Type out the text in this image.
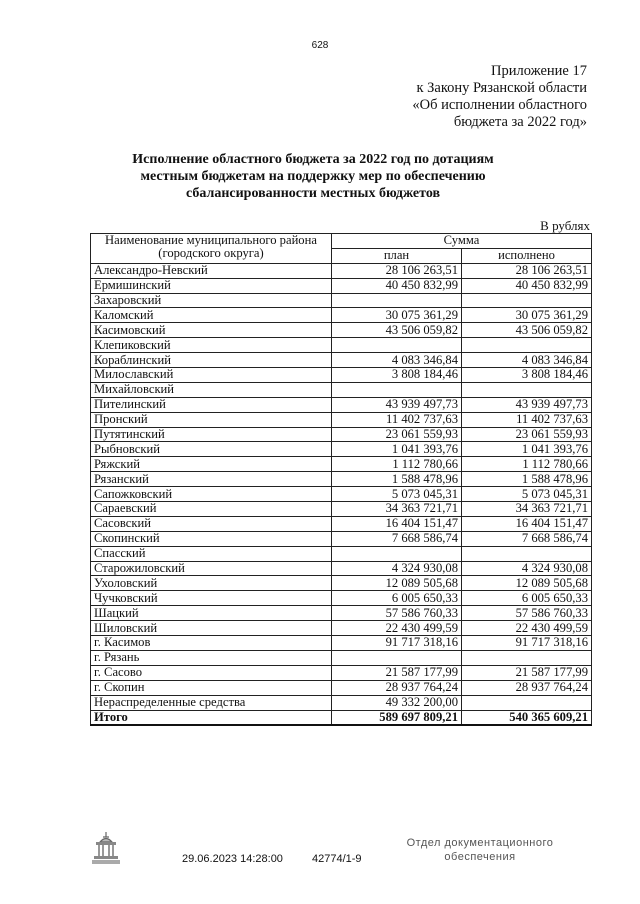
628
Приложение 17
к Закону Рязанской области
«Об исполнении областного
бюджета за 2022 год»
Исполнение областного бюджета за 2022 год по дотациям
местным бюджетам на поддержку мер по обеспечению
сбалансированности местных бюджетов
В рублях
Наименование муниципального района
(городского округа)	Сумма	
	план	исполнено
Александро-Невский	28 106 263,51	28 106 263,51
Ермишинский	40 450 832,99	40 450 832,99
Захаровский		
Каломский	30 075 361,29	30 075 361,29
Касимовский	43 506 059,82	43 506 059,82
Клепиковский		
Кораблинский	4 083 346,84	4 083 346,84
Милославский	3 808 184,46	3 808 184,46
Михайловский		
Пителинский	43 939 497,73	43 939 497,73
Пронский	11 402 737,63	11 402 737,63
Путятинский	23 061 559,93	23 061 559,93
Рыбновский	1 041 393,76	1 041 393,76
Ряжский	1 112 780,66	1 112 780,66
Рязанский	1 588 478,96	1 588 478,96
Сапожковский	5 073 045,31	5 073 045,31
Сараевский	34 363 721,71	34 363 721,71
Сасовский	16 404 151,47	16 404 151,47
Скопинский	7 668 586,74	7 668 586,74
Спасский		
Старожиловский	4 324 930,08	4 324 930,08
Ухоловский	12 089 505,68	12 089 505,68
Чучковский	6 005 650,33	6 005 650,33
Шацкий	57 586 760,33	57 586 760,33
Шиловский	22 430 499,59	22 430 499,59
г. Касимов	91 717 318,16	91 717 318,16
г. Рязань		
г. Сасово	21 587 177,99	21 587 177,99
г. Скопин	28 937 764,24	28 937 764,24
Нераспределенные средства	49 332 200,00	
Итого	589 697 809,21	540 365 609,21
29.06.2023 14:28:00	42774/1-9
Отдел документационного
обеспечения
